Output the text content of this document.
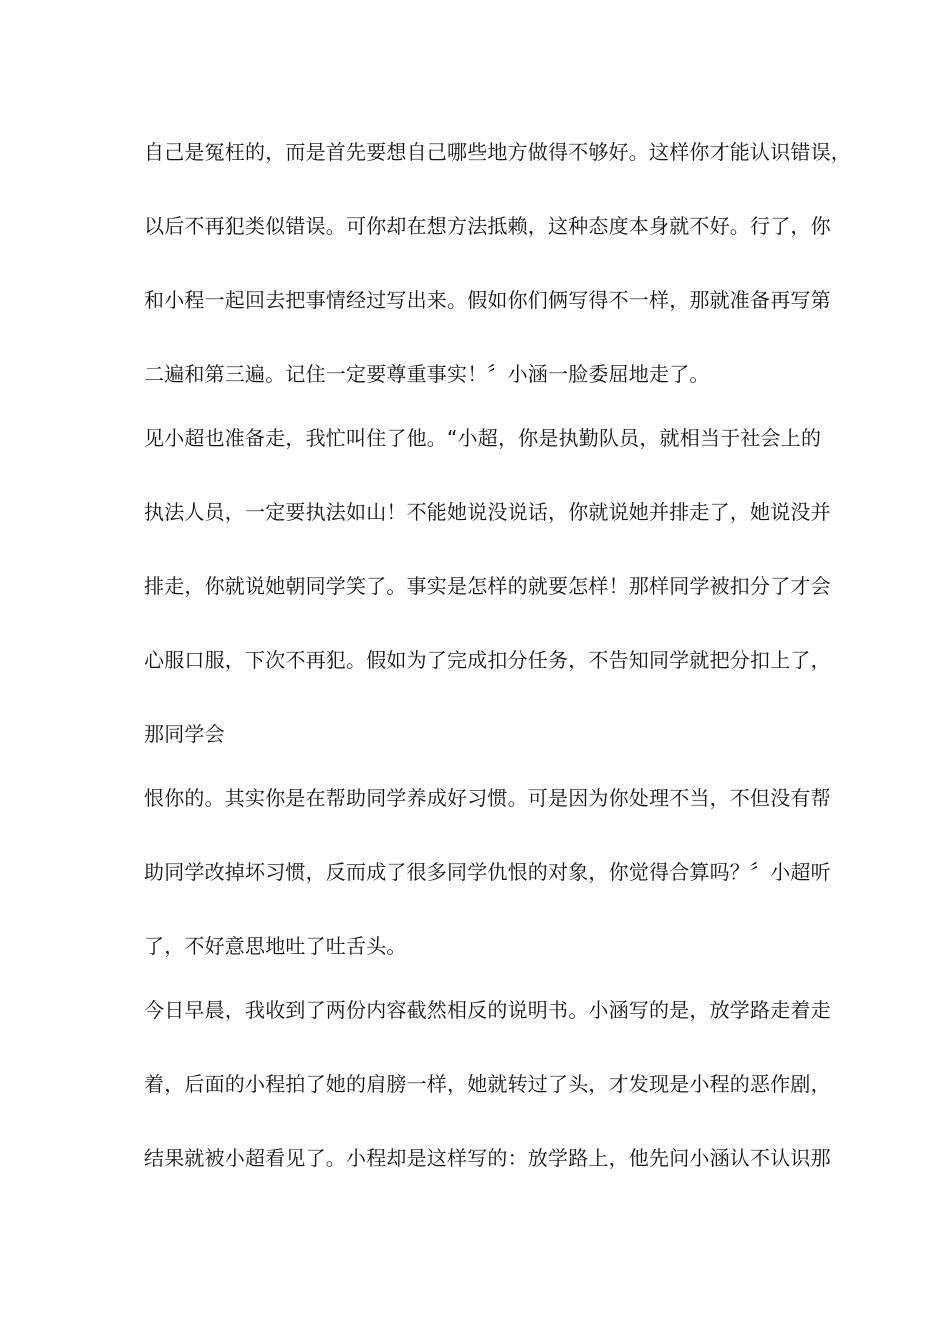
自己是冤枉的，而是首先要想自己哪些地方做得不够好。这样你才能认识错误，
以后不再犯类似错误。可你却在想方法抵赖，这种态度本身就不好。行了，你
和小程一起回去把事情经过写出来。假如你们俩写得不一样，那就准备再写第
二遍和第三遍。记住一定要尊重事实！〞小涵一脸委屈地走了。
见小超也准备走，我忙叫住了他。“小超，你是执勤队员，就相当于社会上的
执法人员，一定要执法如山！不能她说没说话，你就说她并排走了，她说没并
排走，你就说她朝同学笑了。事实是怎样的就要怎样！那样同学被扣分了才会
心服口服，下次不再犯。假如为了完成扣分任务，不告知同学就把分扣上了，
那同学会
恨你的。其实你是在帮助同学养成好习惯。可是因为你处理不当，不但没有帮
助同学改掉坏习惯，反而成了很多同学仇恨的对象，你觉得合算吗？〞小超听
了，不好意思地吐了吐舌头。
今日早晨，我收到了两份内容截然相反的说明书。小涵写的是，放学路走着走
着，后面的小程拍了她的肩膀一样，她就转过了头，才发现是小程的恶作剧，
结果就被小超看见了。小程却是这样写的：放学路上，他先问小涵认不认识那
